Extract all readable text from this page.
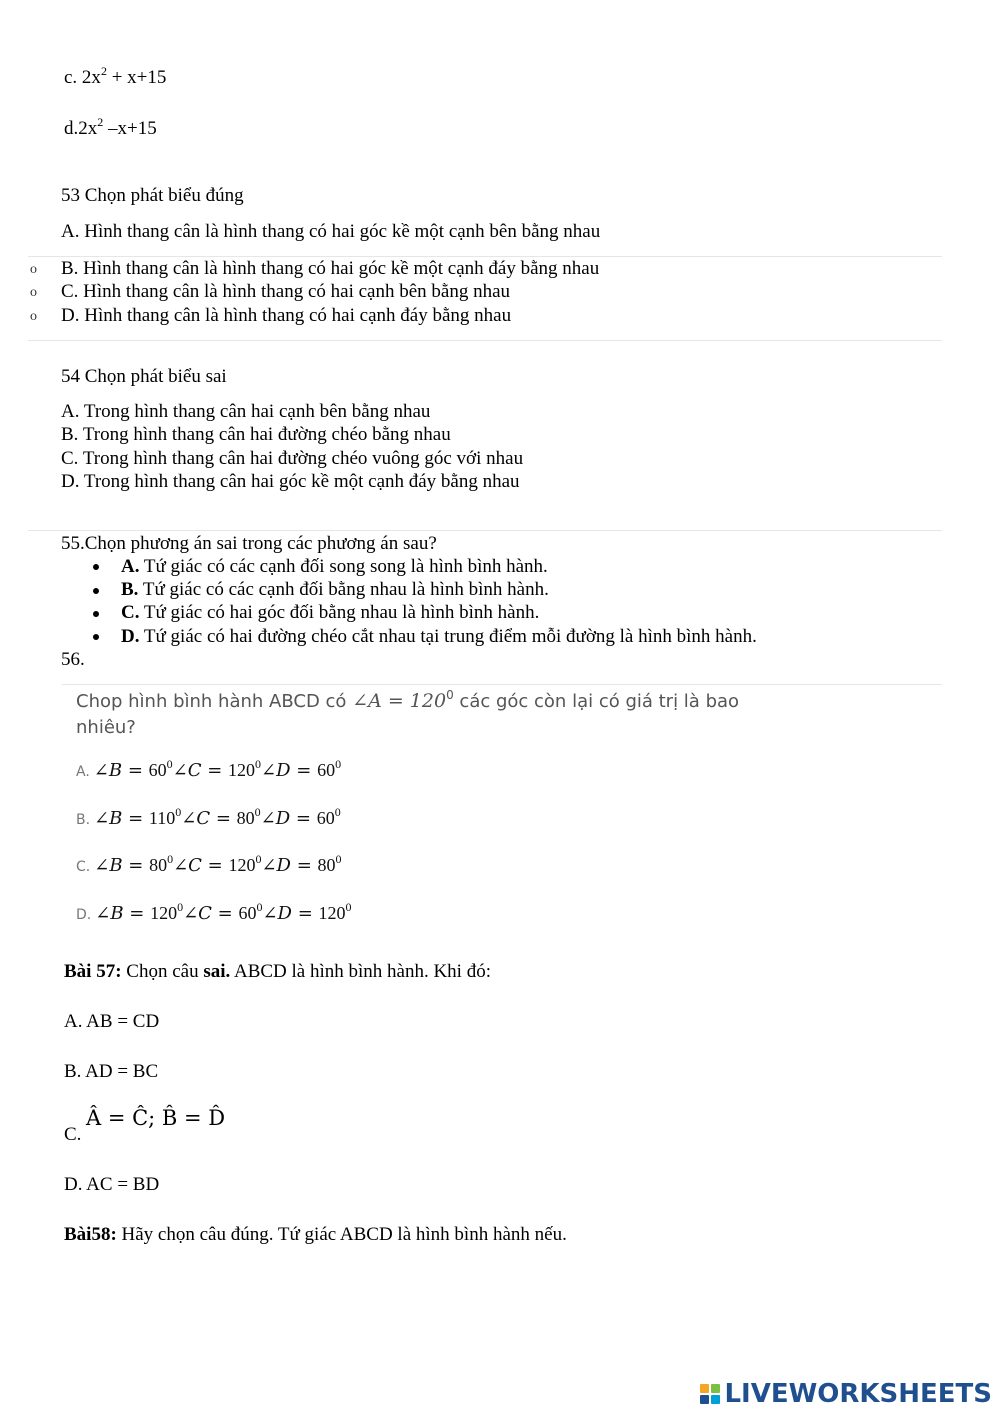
c. $2x^2 + x+15$
$d.2x^2$ –x+15
53 Chọn phát biểu đúng
A. Hình thang cân là hình thang có hai góc kề một cạnh bên bằng nhau
o B. Hình thang cân là hình thang có hai góc kề một cạnh đáy bằng nhau
o C. Hình thang cân là hình thang có hai cạnh bên bằng nhau
o D. Hình thang cân là hình thang có hai cạnh đáy bằng nhau
54 Chọn phát biểu sai
A. Trong hình thang cân hai cạnh bên bằng nhau
B. Trong hình thang cân hai đường chéo bằng nhau
C. Trong hình thang cân hai đường chéo vuông góc với nhau
D. Trong hình thang cân hai góc kề một cạnh đáy bằng nhau
55.Chọn phương án sai trong các phương án sau?
A. Tứ giác có các cạnh đối song song là hình bình hành.
B. Tứ giác có các cạnh đối bằng nhau là hình bình hành.
C. Tứ giác có hai góc đối bằng nhau là hình bình hành.
D. Tứ giác có hai đường chéo cắt nhau tại trung điểm mỗi đường là hình bình hành.
56.
Chop hình bình hành ABCD có ∠A = $120^0$ các góc còn lại có giá trị là bao
nhiêu?
A. ∠B = $60^0\angle C$ = $120^0\angle D = 60^0$
B. ∠B = $110^0\angle C$ = $80^0\angle D = 60^0$
C. ∠B = $80^0\angle C$ = $120^0\angle D = 80^0$
D. ∠B = $120^0\angle C$ = $60^0\angle D = 120^0$
Bài 57: Chọn câu sai. ABCD là hình bình hành. Khi đó:
A. AB = CD
B. AD = BC
C.
Â = Ĉ; B̂ = D̂
D. AC = BD
Bài58: Hãy chọn câu đúng. Tứ giác ABCD là hình bình hành nếu.
LIVEWORKSHEETS
